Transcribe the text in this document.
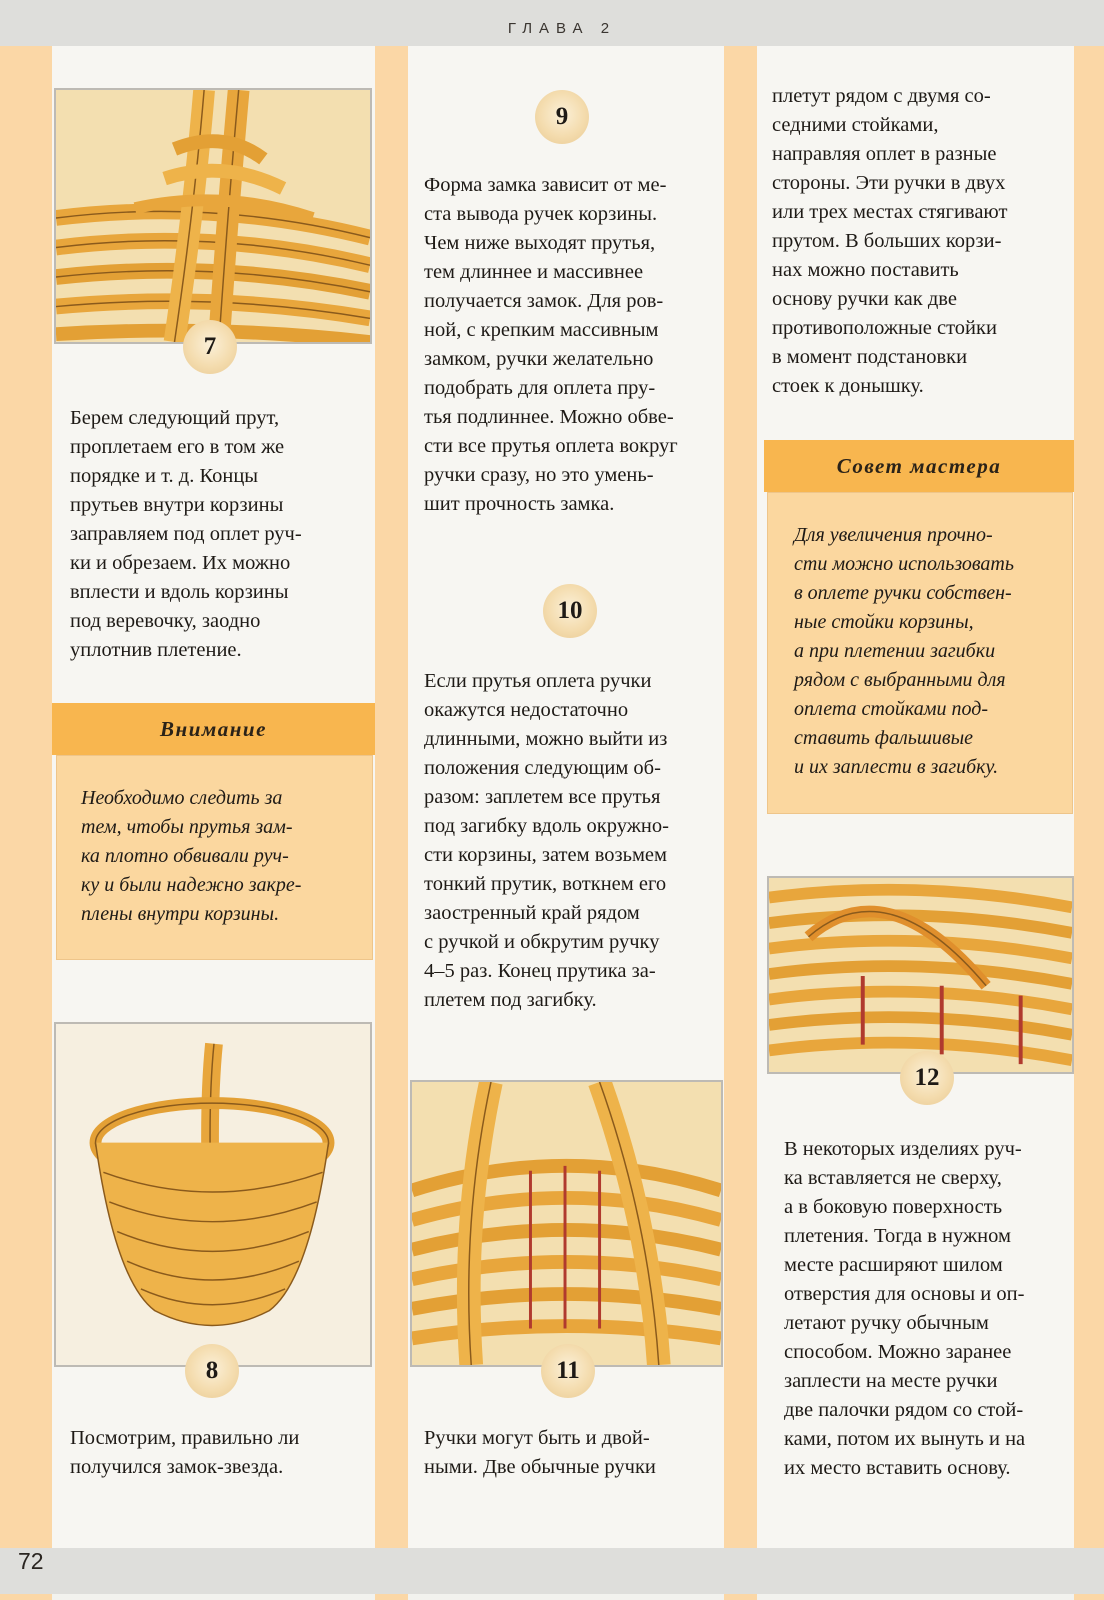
ГЛАВА 2
72
7
Берем следующий прут,
проплетаем его в том же
порядке и т. д. Концы
прутьев внутри корзины
заправляем под оплет руч-
ки и обрезаем. Их можно
вплести и вдоль корзины
под веревочку, заодно
уплотнив плетение.
Внимание
Необходимо следить за
тем, чтобы прутья зам-
ка плотно обвивали руч-
ку и были надежно закре-
плены внутри корзины.
8
Посмотрим, правильно ли
получился замок-звезда.
9
Форма замка зависит от ме-
ста вывода ручек корзины.
Чем ниже выходят прутья,
тем длиннее и массивнее
получается замок. Для ров-
ной, с крепким массивным
замком, ручки желательно
подобрать для оплета пру-
тья подлиннее. Можно обве-
сти все прутья оплета вокруг
ручки сразу, но это умень-
шит прочность замка.
10
Если прутья оплета ручки
окажутся недостаточно
длинными, можно выйти из
положения следующим об-
разом: заплетем все прутья
под загибку вдоль окружно-
сти корзины, затем возьмем
тонкий прутик, воткнем его
заостренный край рядом
с ручкой и обкрутим ручку
4–5 раз. Конец прутика за-
плетем под загибку.
11
Ручки могут быть и двой-
ными. Две обычные ручки
плетут рядом с двумя со-
седними стойками,
направляя оплет в разные
стороны. Эти ручки в двух
или трех местах стягивают
прутом. В больших корзи-
нах можно поставить
основу ручки как две
противоположные стойки
в момент подстановки
стоек к донышку.
Совет мастера
Для увеличения прочно-
сти можно использовать
в оплете ручки собствен-
ные стойки корзины,
а при плетении загибки
рядом с выбранными для
оплета стойками под-
ставить фальшивые
и их заплести в загибку.
12
В некоторых изделиях руч-
ка вставляется не сверху,
а в боковую поверхность
плетения. Тогда в нужном
месте расширяют шилом
отверстия для основы и оп-
летают ручку обычным
способом. Можно заранее
заплести на месте ручки
две палочки рядом со стой-
ками, потом их вынуть и на
их место вставить основу.
